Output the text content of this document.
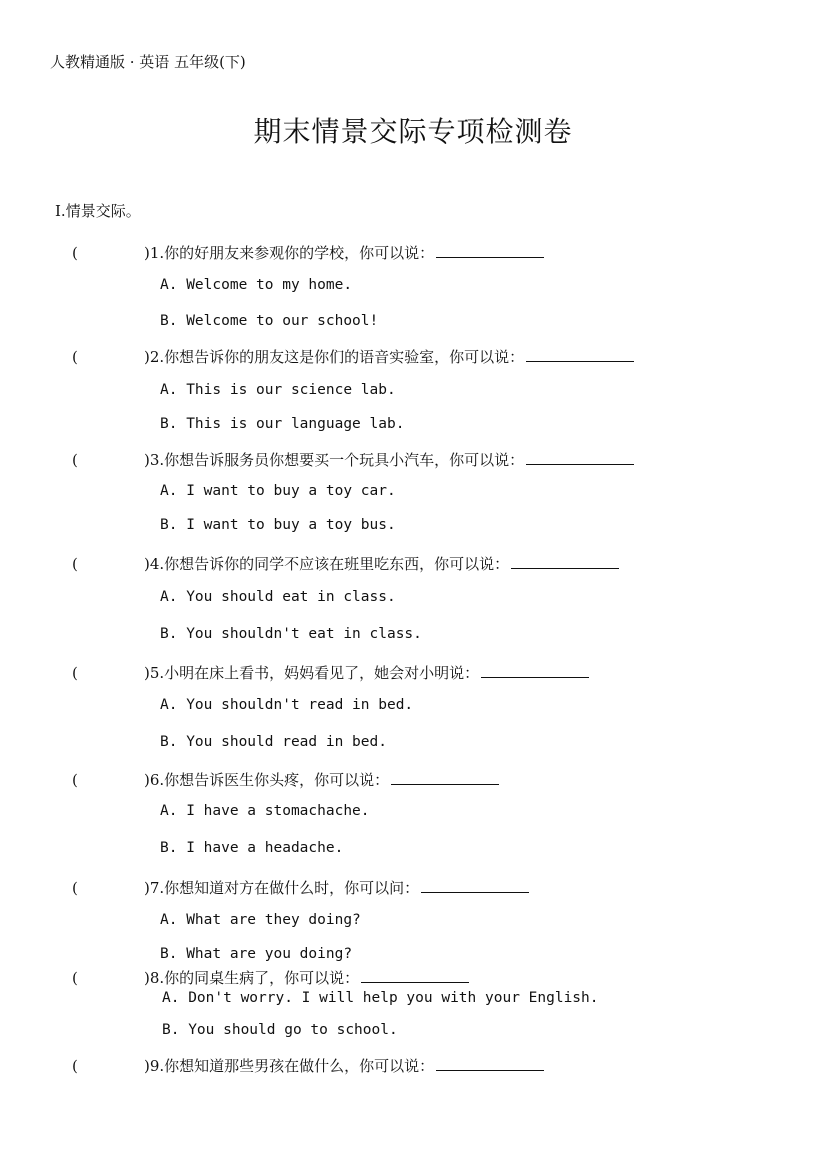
人教精通版 · 英语 五年级(下)
期末情景交际专项检测卷
Ⅰ.情景交际。
(	)1.你的好朋友来参观你的学校，你可以说：
A. Welcome to my home.
B. Welcome to our school!
(	)2.你想告诉你的朋友这是你们的语音实验室，你可以说：
A. This is our science lab.
B. This is our language lab.
(	)3.你想告诉服务员你想要买一个玩具小汽车，你可以说：
A. I want to buy a toy car.
B. I want to buy a toy bus.
(	)4.你想告诉你的同学不应该在班里吃东西，你可以说：
A. You should eat in class.
B. You shouldn't eat in class.
(	)5.小明在床上看书，妈妈看见了，她会对小明说：
A. You shouldn't read in bed.
B. You should read in bed.
(	)6.你想告诉医生你头疼，你可以说：
A. I have a stomachache.
B. I have a headache.
(	)7.你想知道对方在做什么时，你可以问：
A. What are they doing?
B. What are you doing?
(	)8.你的同桌生病了，你可以说：
A. Don't worry. I will help you with your English.
B. You should go to school.
(	)9.你想知道那些男孩在做什么，你可以说：
